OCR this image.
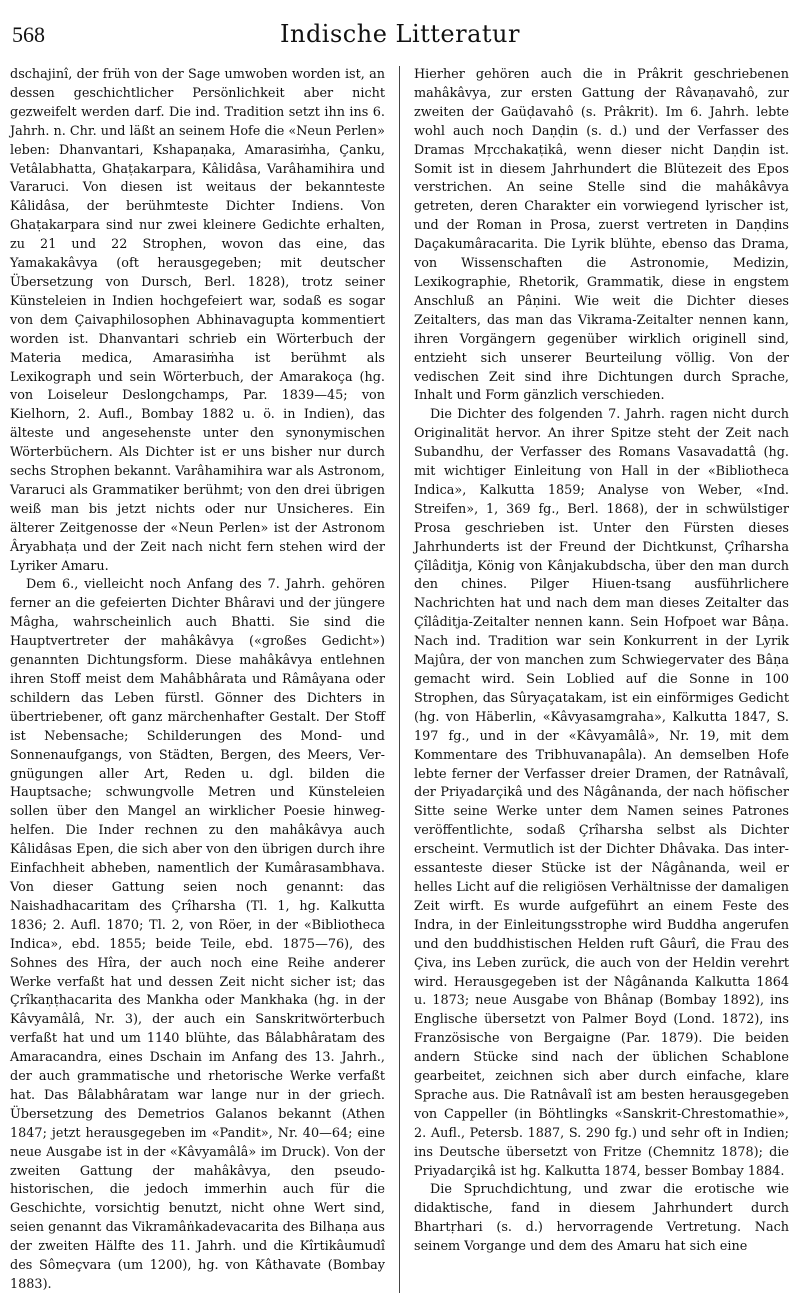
568	Indische Litteratur

dschajinî, der früh von der Sage umwoben worden ist, an dessen geschichtlicher Persönlichkeit aber nicht gezweifelt werden darf. Die ind. Tradition setzt ihn ins 6. Jahrh. n. Chr. und läßt an seinem Hofe die «Neun Perlen» leben: Dhanvantari, Kshapaṇaka, Amarasiṁha, Çanku, Vetâlabhatta, Ghaṭakarpara, Kâlidâsa, Varâhamihira und Vararuci. Von diesen ist weitaus der bekannteste Kâlidâsa, der berühmteste Dichter Indiens. Von Ghaṭakarpara sind nur zwei kleinere Gedichte erhalten, zu 21 und 22 Strophen, wovon das eine, das Yamakakâvya (oft herausgegeben; mit deutscher Übersetzung von Dursch, Berl. 1828), trotz seiner Künsteleien in Indien hochgefeiert war, sodaß es sogar von dem Çaivaphilosophen Abhinavagupta kommentiert worden ist. Dhanvantari schrieb ein Wörterbuch der Materia medica, Amarasiṁha ist berühmt als Lexikograph und sein Wörterbuch, der Amarakoça (hg. von Loiseleur Deslongchamps, Par. 1839—45; von Kielhorn, 2. Aufl., Bombay 1882 u. ö. in Indien), das älteste und angesehenste unter den synonymischen Wörterbüchern. Als Dichter ist er uns bisher nur durch sechs Strophen bekannt. Varâhamihira war als Astronom, Vararuci als Grammatiker berühmt; von den drei übrigen weiß man bis jetzt nichts oder nur Unsicheres. Ein älterer Zeitgenosse der «Neun Perlen» ist der Astronom Âryabhaṭa und der Zeit nach nicht fern stehen wird der Lyriker Amaru.

Dem 6., vielleicht noch Anfang des 7. Jahrh. gehören ferner an die gefeierten Dichter Bhâravi und der jüngere Mâgha, wahrscheinlich auch Bhatti. Sie sind die Hauptvertreter der mahâkâvya («großes Gedicht») genannten Dichtungsform. Diese mahâkâvya entlehnen ihren Stoff meist dem Mahâbhârata und Râmâyana oder schildern das Leben fürstl. Gönner des Dichters in übertriebener, oft ganz märchenhafter Gestalt. Der Stoff ist Nebensache; Schilderungen des Mond- und Sonnenaufgangs, von Städten, Bergen, des Meers, Vergnügungen aller Art, Reden u. dgl. bilden die Hauptsache; schwungvolle Metren und Künsteleien sollen über den Mangel an wirklicher Poesie hinweghelfen. Die Inder rechnen zu den mahâkâvya auch Kâlidâsas Epen, die sich aber von den übrigen durch ihre Einfachheit abheben, namentlich der Kumârasambhava. Von dieser Gattung seien noch genannt: das Naishadhacaritam des Çrîharsha (Tl. 1, hg. Kalkutta 1836; 2. Aufl. 1870; Tl. 2, von Röer, in der «Bibliotheca Indica», ebd. 1855; beide Teile, ebd. 1875—76), des Sohnes des Hîra, der auch noch eine Reihe anderer Werke verfaßt hat und dessen Zeit nicht sicher ist; das Çrîkaṇṭhacarita des Mankha oder Mankhaka (hg. in der Kâvyamâlâ, Nr. 3), der auch ein Sanskritwörterbuch verfaßt hat und um 1140 blühte, das Bâlabhâratam des Amaracandra, eines Dschain im Anfang des 13. Jahrh., der auch grammatische und rhetorische Werke verfaßt hat. Das Bâlabhâratam war lange nur in der griech. Übersetzung des Demetrios Galanos bekannt (Athen 1847; jetzt herausgegeben im «Pandit», Nr. 40—64; eine neue Ausgabe ist in der «Kâvyamâlâ» im Druck). Von der zweiten Gattung der mahâkâvya, den pseudo-historischen, die jedoch immerhin auch für die Geschichte, vorsichtig benutzt, nicht ohne Wert sind, seien genannt das Vikramâṅkadevacarita des Bilhaṇa aus der zweiten Hälfte des 11. Jahrh. und die Kîrtikâumudî des Sômeçvara (um 1200), hg. von Kâthavate (Bombay 1883).

Hierher gehören auch die in Prâkrit geschriebenen mahâkâvya, zur ersten Gattung der Râvaṇavahô, zur zweiten der Gaüḍavahô (s. Prâkrit). Im 6. Jahrh. lebte wohl auch noch Daṇḍin (s. d.) und der Verfasser des Dramas Mṛcchakaṭikâ, wenn dieser nicht Daṇḍin ist. Somit ist in diesem Jahrhundert die Blütezeit des Epos verstrichen. An seine Stelle sind die mahâkâvya getreten, deren Charakter ein vorwiegend lyrischer ist, und der Roman in Prosa, zuerst vertreten in Daṇḍins Daçakumâracarita. Die Lyrik blühte, ebenso das Drama, von Wissenschaften die Astronomie, Medizin, Lexikographie, Rhetorik, Grammatik, diese in engstem Anschluß an Pâṇini. Wie weit die Dichter dieses Zeitalters, das man das Vikrama-Zeitalter nennen kann, ihren Vorgängern gegenüber wirklich originell sind, entzieht sich unserer Beurteilung völlig. Von der vedischen Zeit sind ihre Dichtungen durch Sprache, Inhalt und Form gänzlich verschieden.

Die Dichter des folgenden 7. Jahrh. ragen nicht durch Originalität hervor. An ihrer Spitze steht der Zeit nach Subandhu, der Verfasser des Romans Vasavadattâ (hg. mit wichtiger Einleitung von Hall in der «Bibliotheca Indica», Kalkutta 1859; Analyse von Weber, «Ind. Streifen», 1, 369 fg., Berl. 1868), der in schwülstiger Prosa geschrieben ist. Unter den Fürsten dieses Jahrhunderts ist der Freund der Dichtkunst, Çrîharsha Çîlâditja, König von Kânjakubdscha, über den man durch den chines. Pilger Hiuen-tsang ausführlichere Nachrichten hat und nach dem man dieses Zeitalter das Çîlâditja-Zeitalter nennen kann. Sein Hofpoet war Bâṇa. Nach ind. Tradition war sein Konkurrent in der Lyrik Majûra, der von manchen zum Schwiegervater des Bâṇa gemacht wird. Sein Loblied auf die Sonne in 100 Strophen, das Sûryaçatakam, ist ein einförmiges Gedicht (hg. von Häberlin, «Kâvyasamgraha», Kalkutta 1847, S. 197 fg., und in der «Kâvyamâlâ», Nr. 19, mit dem Kommentare des Tribhuvanapâla). An demselben Hofe lebte ferner der Verfasser dreier Dramen, der Ratnâvalî, der Priyadarçikâ und des Nâgânanda, der nach höfischer Sitte seine Werke unter dem Namen seines Patrones veröffentlichte, sodaß Çrîharsha selbst als Dichter erscheint. Vermutlich ist der Dichter Dhâvaka. Das interessanteste dieser Stücke ist der Nâgânanda, weil er helles Licht auf die religiösen Verhältnisse der damaligen Zeit wirft. Es wurde aufgeführt an einem Feste des Indra, in der Einleitungsstrophe wird Buddha angerufen und den buddhistischen Helden ruft Gâurî, die Frau des Çiva, ins Leben zurück, die auch von der Heldin verehrt wird. Herausgegeben ist der Nâgânanda Kalkutta 1864 u. 1873; neue Ausgabe von Bhânap (Bombay 1892), ins Englische übersetzt von Palmer Boyd (Lond. 1872), ins Französische von Bergaigne (Par. 1879). Die beiden andern Stücke sind nach der üblichen Schablone gearbeitet, zeichnen sich aber durch einfache, klare Sprache aus. Die Ratnâvalî ist am besten herausgegeben von Cappeller (in Böhtlingks «Sanskrit-Chrestomathie», 2. Aufl., Petersb. 1887, S. 290 fg.) und sehr oft in Indien; ins Deutsche übersetzt von Fritze (Chemnitz 1878); die Priyadarçikâ ist hg. Kalkutta 1874, besser Bombay 1884.

Die Spruchdichtung, und zwar die erotische wie didaktische, fand in diesem Jahrhundert durch Bhartṛhari (s. d.) hervorragende Vertretung. Nach seinem Vorgange und dem des Amaru hat sich eine
